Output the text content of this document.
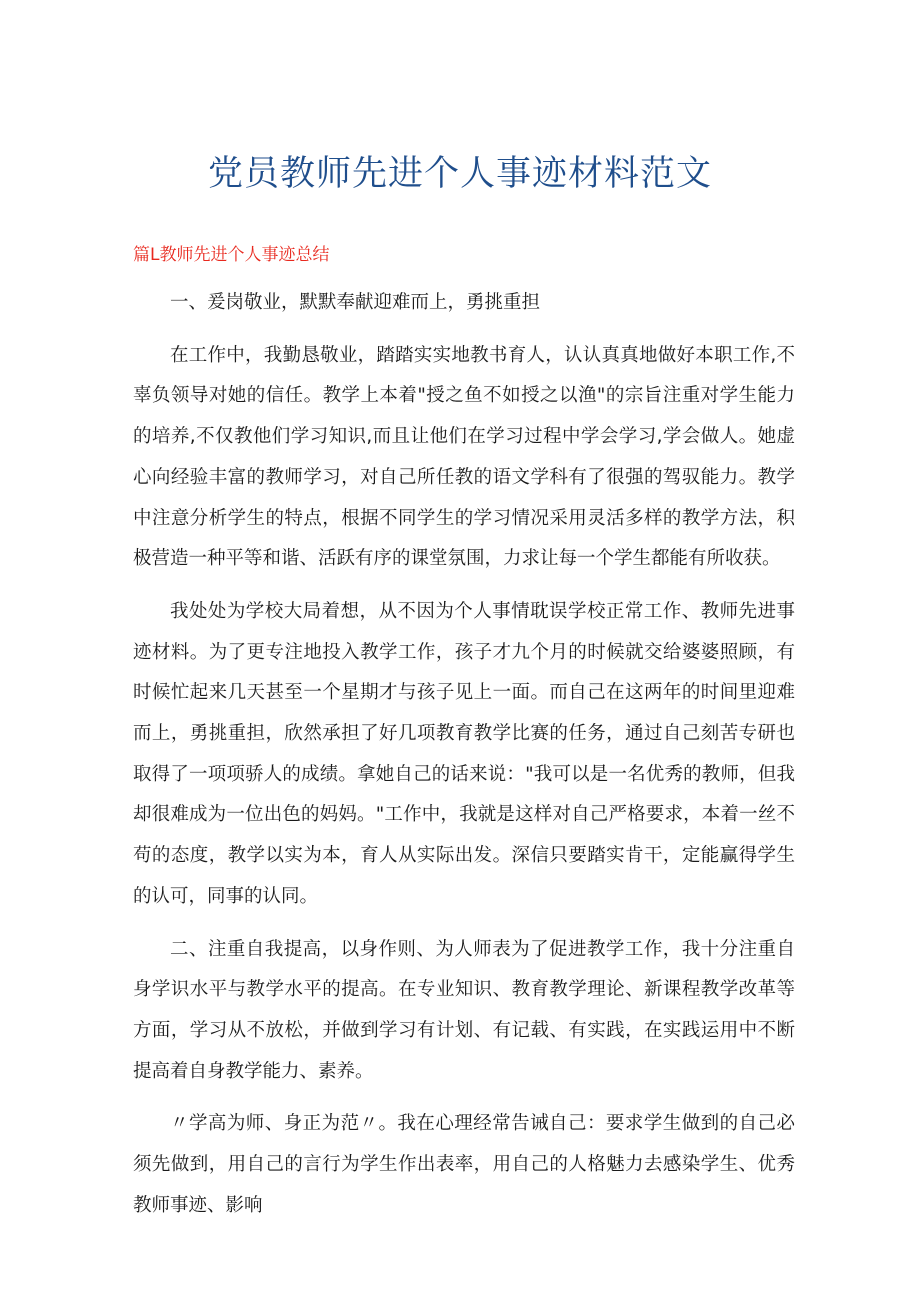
党员教师先进个人事迹材料范文
篇L教师先进个人事迹总结

一、爰岗敬业，默默奉献迎难而上，勇挑重担

在工作中，我勤恳敬业，踏踏实实地教书育人，认认真真地做好本职工作,不辜负领导对她的信任。教学上本着"授之鱼不如授之以渔"的宗旨注重对学生能力的培养,不仅教他们学习知识,而且让他们在学习过程中学会学习,学会做人。她虚心向经验丰富的教师学习，对自己所任教的语文学科有了很强的驾驭能力。教学中注意分析学生的特点，根据不同学生的学习情况采用灵活多样的教学方法，积极营造一种平等和谐、活跃有序的课堂氛围，力求让每一个学生都能有所收获。

我处处为学校大局着想，从不因为个人事情耽误学校正常工作、教师先进事迹材料。为了更专注地投入教学工作，孩子才九个月的时候就交给婆婆照顾，有时候忙起来几天甚至一个星期才与孩子见上一面。而自己在这两年的时间里迎难而上，勇挑重担，欣然承担了好几项教育教学比赛的任务，通过自己刻苦专研也取得了一项项骄人的成绩。拿她自己的话来说："我可以是一名优秀的教师，但我却很难成为一位出色的妈妈。"工作中，我就是这样对自己严格要求，本着一丝不苟的态度，教学以实为本，育人从实际出发。深信只要踏实肯干，定能赢得学生的认可，同事的认同。

二、注重自我提高，以身作则、为人师表为了促进教学工作，我十分注重自身学识水平与教学水平的提高。在专业知识、教育教学理论、新课程教学改革等方面，学习从不放松，并做到学习有计划、有记载、有实践，在实践运用中不断提高着自身教学能力、素养。

〃学高为师、身正为范〃。我在心理经常告诫自己：要求学生做到的自己必须先做到，用自己的言行为学生作出表率，用自己的人格魅力去感染学生、优秀教师事迹、影响
